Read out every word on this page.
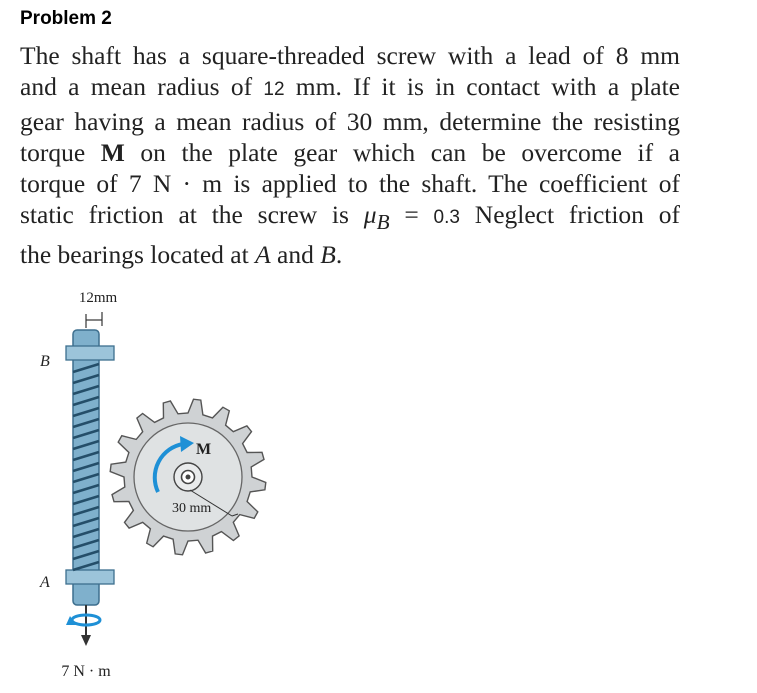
Problem 2
The shaft has a square-threaded screw with a lead of 8 mm
and a mean radius of 12 mm. If it is in contact with a plate
gear having a mean radius of 30 mm, determine the resisting
torque M on the plate gear which can be overcome if a
torque of 7 N · m is applied to the shaft. The coefficient of
static friction at the screw is $\mu_B = 0.3$ Neglect friction of
the bearings located at A and B.
12mm
B
A
M
30 mm
7 N · m
